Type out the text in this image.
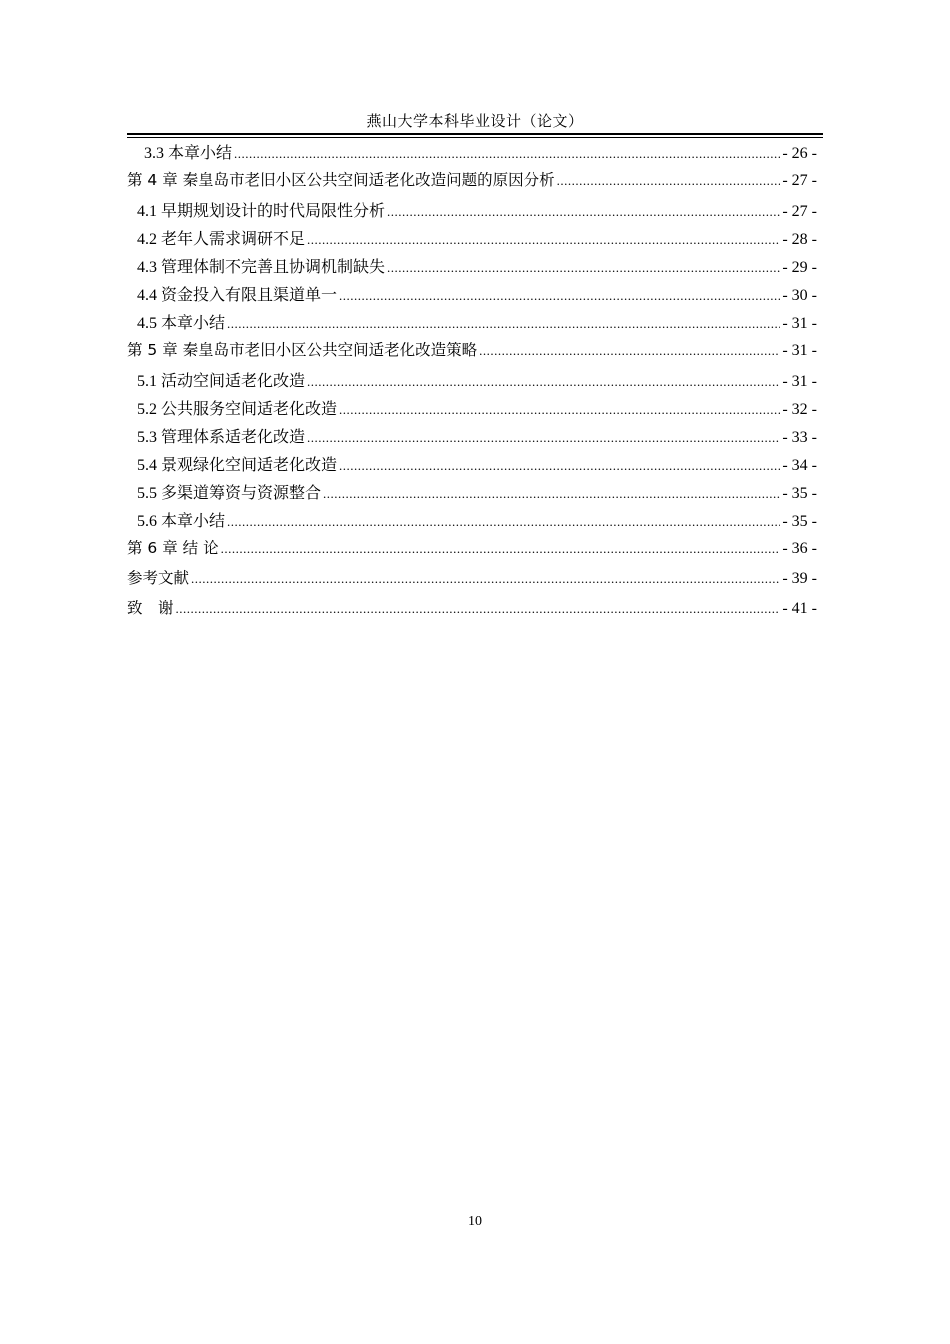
燕山大学本科毕业设计（论文）
3.3 本章小结 .....	- 26 -
第 4 章 秦皇岛市老旧小区公共空间适老化改造问题的原因分析 .....	- 27 -
4.1 早期规划设计的时代局限性分析 .....	- 27 -
4.2 老年人需求调研不足 .....	- 28 -
4.3 管理体制不完善且协调机制缺失 .....	- 29 -
4.4 资金投入有限且渠道单一 .....	- 30 -
4.5 本章小结 .....	- 31 -
第 5 章 秦皇岛市老旧小区公共空间适老化改造策略 .....	- 31 -
5.1 活动空间适老化改造 .....	- 31 -
5.2 公共服务空间适老化改造 .....	- 32 -
5.3 管理体系适老化改造 .....	- 33 -
5.4 景观绿化空间适老化改造 .....	- 34 -
5.5 多渠道筹资与资源整合 .....	- 35 -
5.6 本章小结 .....	- 35 -
第 6 章 结 论 .....	- 36 -
参考文献 .....	- 39 -
致　谢 .....	- 41 -
10
